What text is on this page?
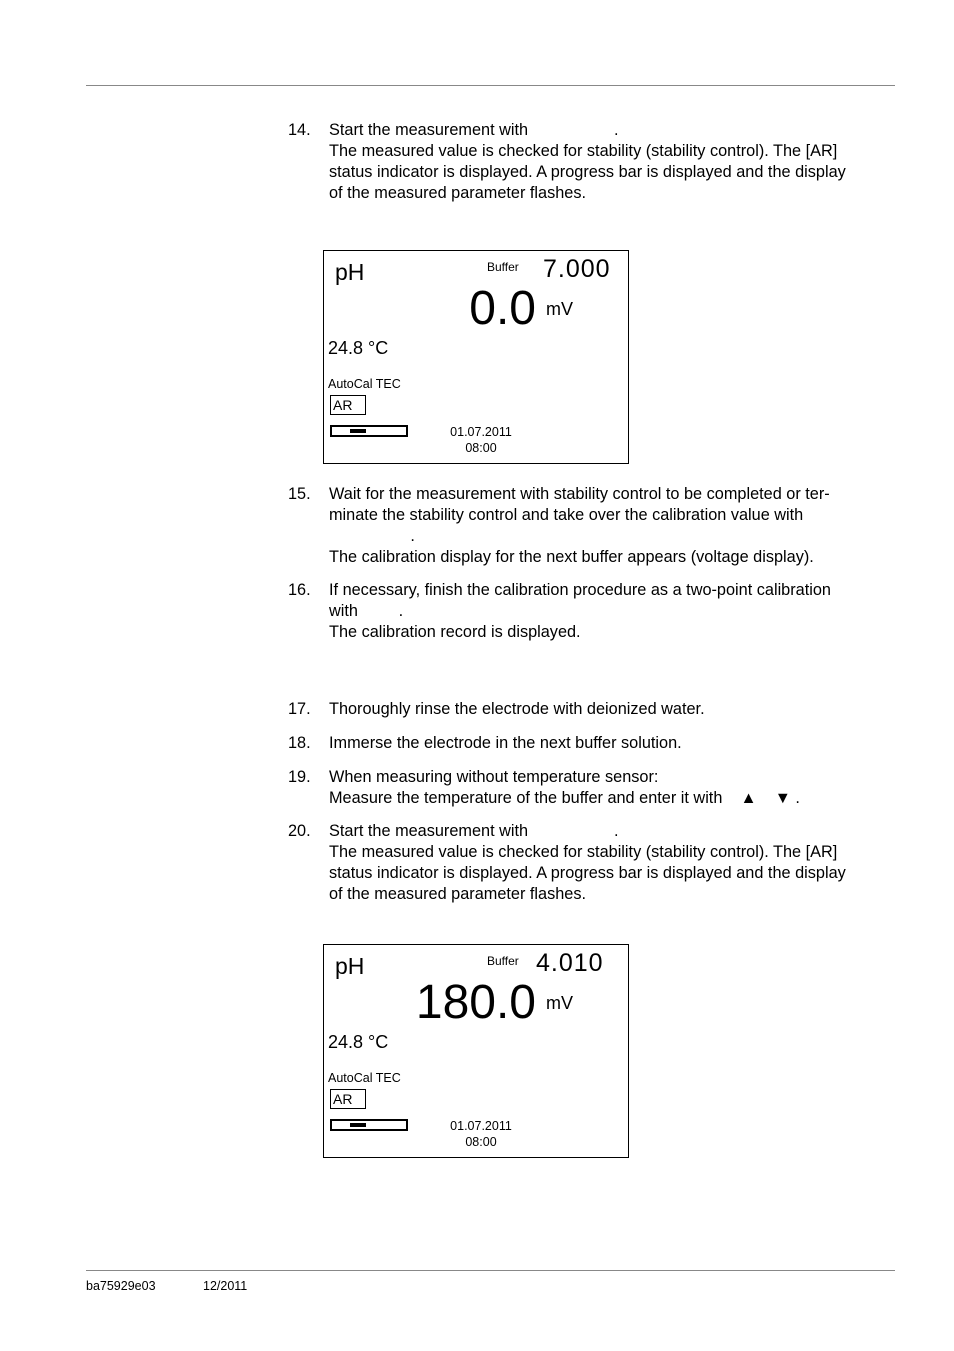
14. Start the measurement with                   .
The measured value is checked for stability (stability control). The [AR]
status indicator is displayed. A progress bar is displayed and the display
of the measured parameter flashes.
pH	Buffer 7.000
0.0 mV
24.8 °C
AutoCal TEC
AR
01.07.2011
08:00
15. Wait for the measurement with stability control to be completed or ter-
minate the stability control and take over the calibration value with
.
The calibration display for the next buffer appears (voltage display).
16. If necessary, finish the calibration procedure as a two-point calibration
with         .
The calibration record is displayed.
17. Thoroughly rinse the electrode with deionized water.
18. Immerse the electrode in the next buffer solution.
19. When measuring without temperature sensor:
Measure the temperature of the buffer and enter it with ▲ ▼ .
20. Start the measurement with                   .
The measured value is checked for stability (stability control). The [AR]
status indicator is displayed. A progress bar is displayed and the display
of the measured parameter flashes.
pH	Buffer 4.010
180.0 mV
24.8 °C
AutoCal TEC
AR
01.07.2011
08:00
ba75929e03	12/2011
